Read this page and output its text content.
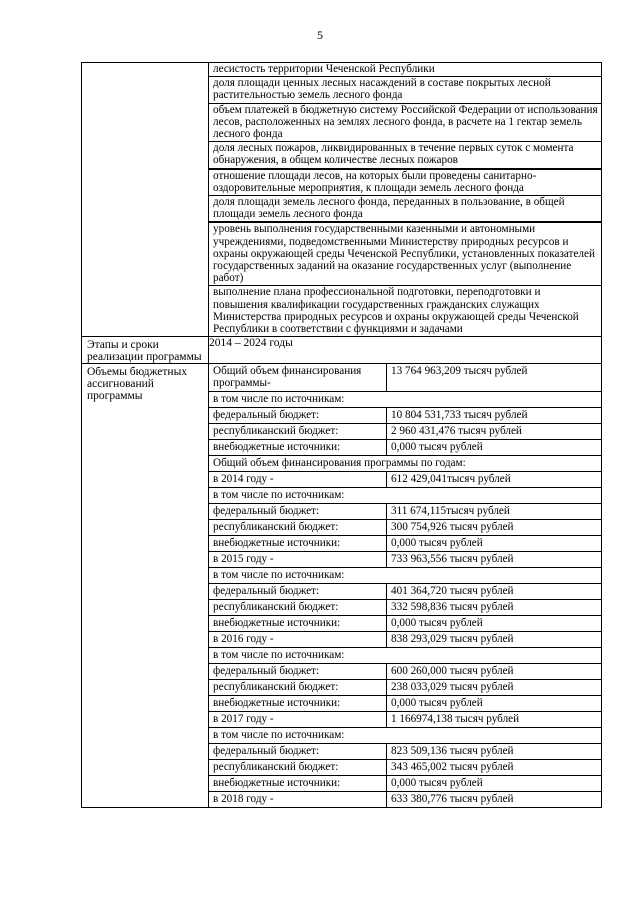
5

лесистость территории Чеченской Республики
доля площади ценных лесных насаждений в составе покрытых лесной растительностью земель лесного фонда
объем платежей в бюджетную систему Российской Федерации от использования лесов, расположенных на землях лесного фонда, в расчете на 1 гектар земель лесного фонда
доля лесных пожаров, ликвидированных в течение первых суток с момента обнаружения, в общем количестве лесных пожаров
отношение площади лесов, на которых были проведены санитарно-оздоровительные мероприятия, к площади земель лесного фонда
доля площади земель лесного фонда, переданных в пользование, в общей площади земель лесного фонда
уровень выполнения государственными казенными и автономными учреждениями, подведомственными Министерству природных ресурсов и охраны окружающей среды Чеченской Республики, установленных показателей государственных заданий на оказание государственных услуг (выполнение работ)
выполнение плана профессиональной подготовки, переподготовки и повышения квалификации государственных гражданских служащих Министерства природных ресурсов и охраны окружающей среды Чеченской Республики в соответствии с функциями и задачами

Этапы и сроки реализации программы	2014 – 2024 годы
Объемы бюджетных ассигнований программы	
Общий объем финансирования программы-	13 764 963,209 тысяч рублей
в том числе по источникам:
федеральный бюджет:	10 804 531,733 тысяч рублей
республиканский бюджет:	2 960 431,476 тысяч рублей
внебюджетные источники:	0,000 тысяч рублей
Общий объем финансирования программы по годам:
в 2014 году -	612 429,041тысяч рублей
в том числе по источникам:
федеральный бюджет:	311 674,115тысяч рублей
республиканский бюджет:	300 754,926 тысяч рублей
внебюджетные источники:	0,000 тысяч рублей
в 2015 году -	733 963,556 тысяч рублей
в том числе по источникам:
федеральный бюджет:	401 364,720 тысяч рублей
республиканский бюджет:	332 598,836 тысяч рублей
внебюджетные источники:	0,000 тысяч рублей
в 2016 году -	838 293,029 тысяч рублей
в том числе по источникам:
федеральный бюджет:	600 260,000 тысяч рублей
республиканский бюджет:	238 033,029 тысяч рублей
внебюджетные источники:	0,000 тысяч рублей
в 2017 году -	1 166974,138 тысяч рублей
в том числе по источникам:
федеральный бюджет:	823 509,136 тысяч рублей
республиканский бюджет:	343 465,002 тысяч рублей
внебюджетные источники:	0,000 тысяч рублей
в 2018 году -	633 380,776 тысяч рублей
